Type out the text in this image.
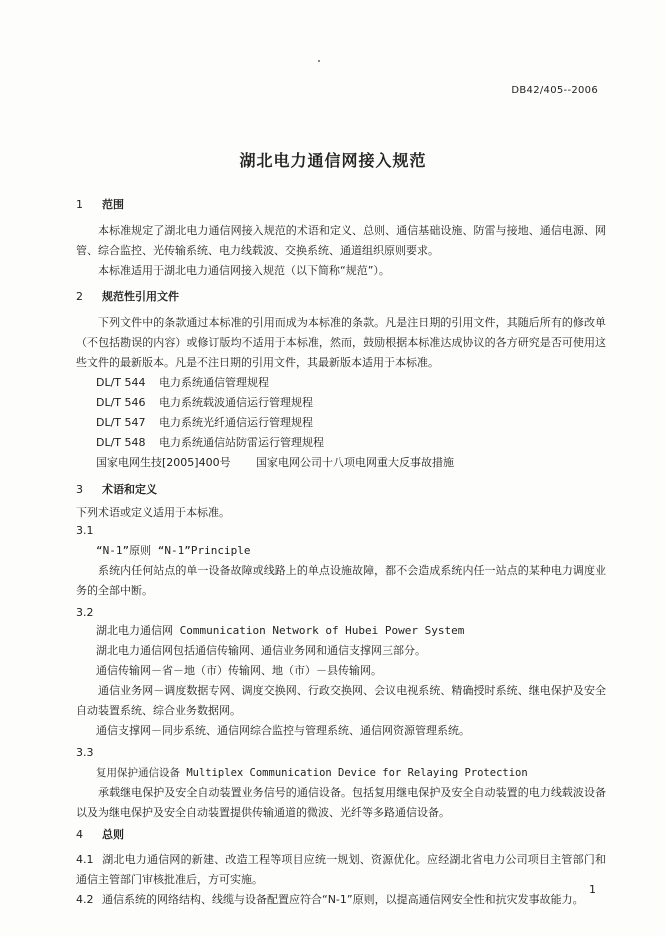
DB42/405--2006
湖北电力通信网接入规范
1 范围
本标准规定了湖北电力通信网接入规范的术语和定义、总则、通信基础设施、防雷与接地、通信电源、网管、综合监控、光传输系统、电力线载波、交换系统、通道组织原则要求。
本标准适用于湖北电力通信网接入规范（以下简称“规范”）。
2 规范性引用文件
下列文件中的条款通过本标准的引用而成为本标准的条款。凡是注日期的引用文件，其随后所有的修改单（不包括勘误的内容）或修订版均不适用于本标准，然而，鼓励根据本标准达成协议的各方研究是否可使用这些文件的最新版本。凡是不注日期的引用文件，其最新版本适用于本标准。
DL/T 544 电力系统通信管理规程
DL/T 546 电力系统载波通信运行管理规程
DL/T 547 电力系统光纤通信运行管理规程
DL/T 548 电力系统通信站防雷运行管理规程
国家电网生技[2005]400号 国家电网公司十八项电网重大反事故措施
3 术语和定义
下列术语或定义适用于本标准。
3.1
“N-1”原则 “N-1”Principle
系统内任何站点的单一设备故障或线路上的单点设施故障，都不会造成系统内任一站点的某种电力调度业务的全部中断。
3.2
湖北电力通信网 Communication Network of Hubei Power System
湖北电力通信网包括通信传输网、通信业务网和通信支撑网三部分。
通信传输网－省－地（市）传输网、地（市）－县传输网。
通信业务网－调度数据专网、调度交换网、行政交换网、会议电视系统、精确授时系统、继电保护及安全自动装置系统、综合业务数据网。
通信支撑网－同步系统、通信网综合监控与管理系统、通信网资源管理系统。
3.3
复用保护通信设备 Multiplex Communication Device for Relaying Protection
承载继电保护及安全自动装置业务信号的通信设备。包括复用继电保护及安全自动装置的电力线载波设备以及为继电保护及安全自动装置提供传输通道的微波、光纤等多路通信设备。
4 总则
4.1 湖北电力通信网的新建、改造工程等项目应统一规划、资源优化。应经湖北省电力公司项目主管部门和通信主管部门审核批准后，方可实施。
4.2 通信系统的网络结构、线缆与设备配置应符合“N-1”原则，以提高通信网安全性和抗灾发事故能力。
1
